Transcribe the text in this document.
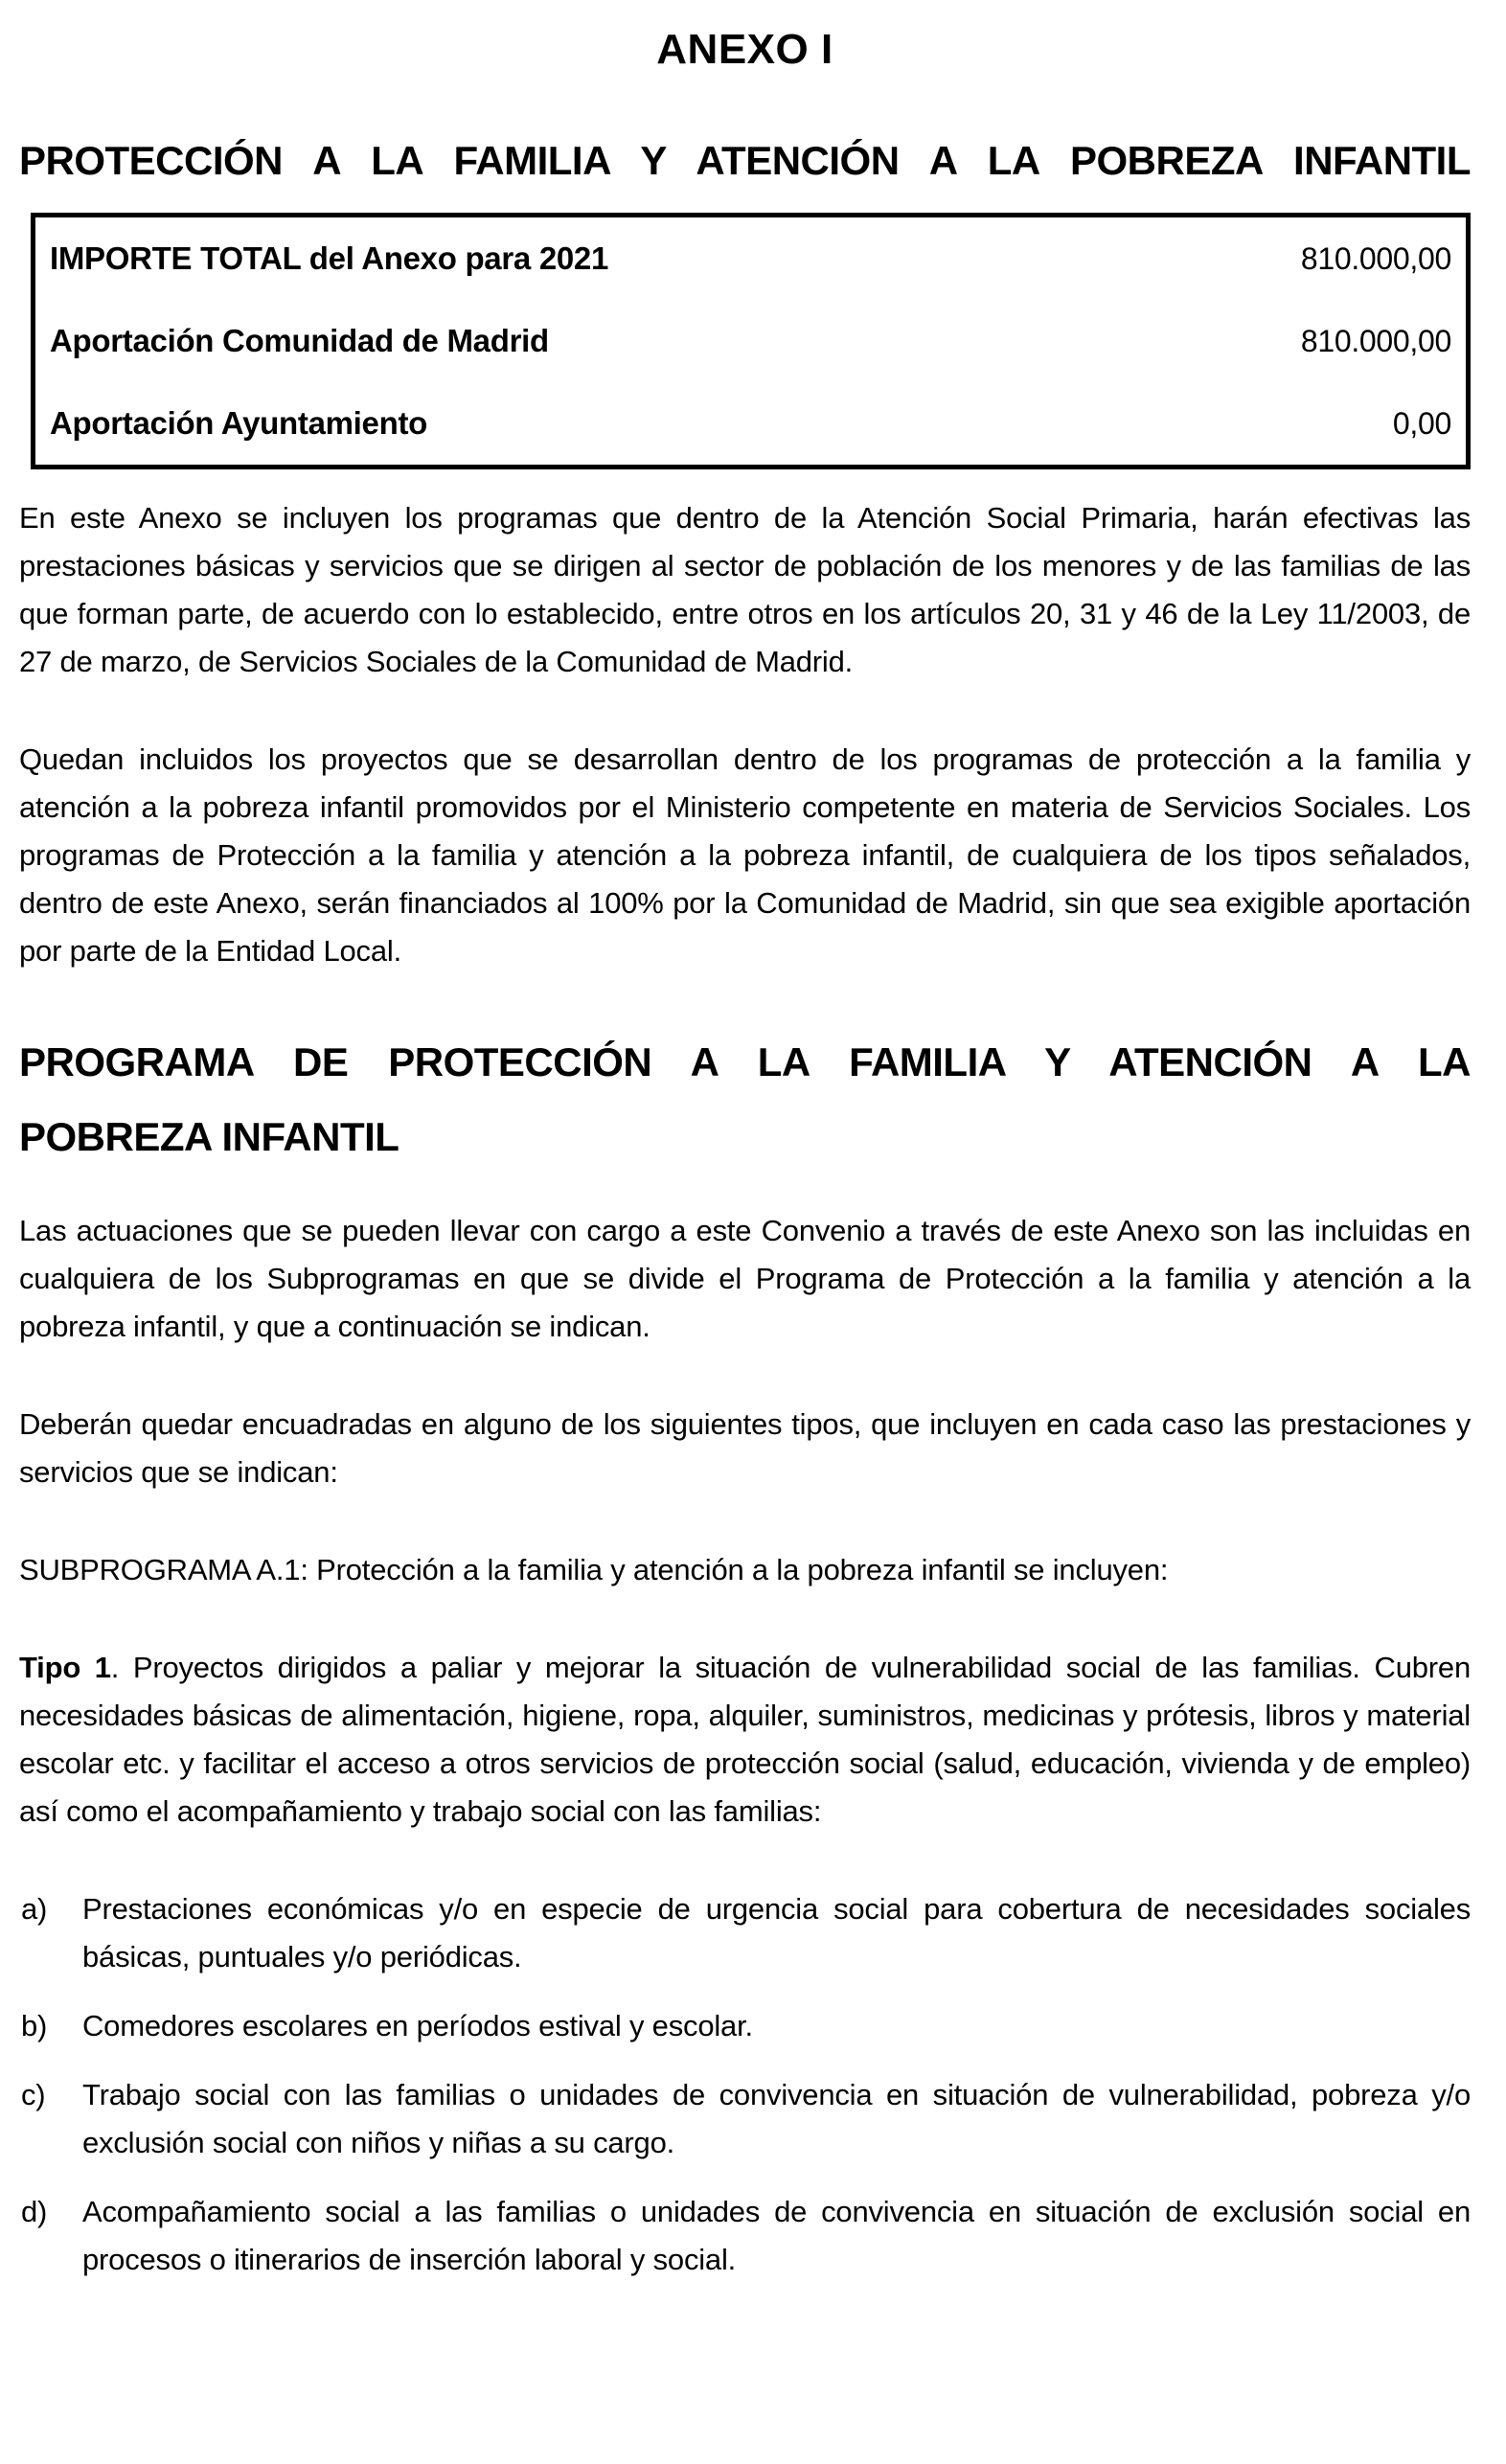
ANEXO I
PROTECCIÓN A LA FAMILIA Y ATENCIÓN A LA POBREZA INFANTIL
IMPORTE TOTAL del Anexo para 2021	810.000,00
Aportación Comunidad de Madrid	810.000,00
Aportación Ayuntamiento	0,00

En este Anexo se incluyen los programas que dentro de la Atención Social Primaria, harán efectivas las prestaciones básicas y servicios que se dirigen al sector de población de los menores y de las familias de las que forman parte, de acuerdo con lo establecido, entre otros en los artículos 20, 31 y 46 de la Ley 11/2003, de 27 de marzo, de Servicios Sociales de la Comunidad de Madrid.

Quedan incluidos los proyectos que se desarrollan dentro de los programas de protección a la familia y atención a la pobreza infantil promovidos por el Ministerio competente en materia de Servicios Sociales. Los programas de Protección a la familia y atención a la pobreza infantil, de cualquiera de los tipos señalados, dentro de este Anexo, serán financiados al 100% por la Comunidad de Madrid, sin que sea exigible aportación por parte de la Entidad Local.

PROGRAMA DE PROTECCIÓN A LA FAMILIA Y ATENCIÓN A LA
POBREZA INFANTIL

Las actuaciones que se pueden llevar con cargo a este Convenio a través de este Anexo son las incluidas en cualquiera de los Subprogramas en que se divide el Programa de Protección a la familia y atención a la pobreza infantil, y que a continuación se indican.

Deberán quedar encuadradas en alguno de los siguientes tipos, que incluyen en cada caso las prestaciones y servicios que se indican:

SUBPROGRAMA A.1: Protección a la familia y atención a la pobreza infantil se incluyen:

Tipo 1. Proyectos dirigidos a paliar y mejorar la situación de vulnerabilidad social de las familias. Cubren necesidades básicas de alimentación, higiene, ropa, alquiler, suministros, medicinas y prótesis, libros y material escolar etc. y facilitar el acceso a otros servicios de protección social (salud, educación, vivienda y de empleo) así como el acompañamiento y trabajo social con las familias:

a) Prestaciones económicas y/o en especie de urgencia social para cobertura de necesidades sociales básicas, puntuales y/o periódicas.
b) Comedores escolares en períodos estival y escolar.
c) Trabajo social con las familias o unidades de convivencia en situación de vulnerabilidad, pobreza y/o exclusión social con niños y niñas a su cargo.
d) Acompañamiento social a las familias o unidades de convivencia en situación de exclusión social en procesos o itinerarios de inserción laboral y social.
